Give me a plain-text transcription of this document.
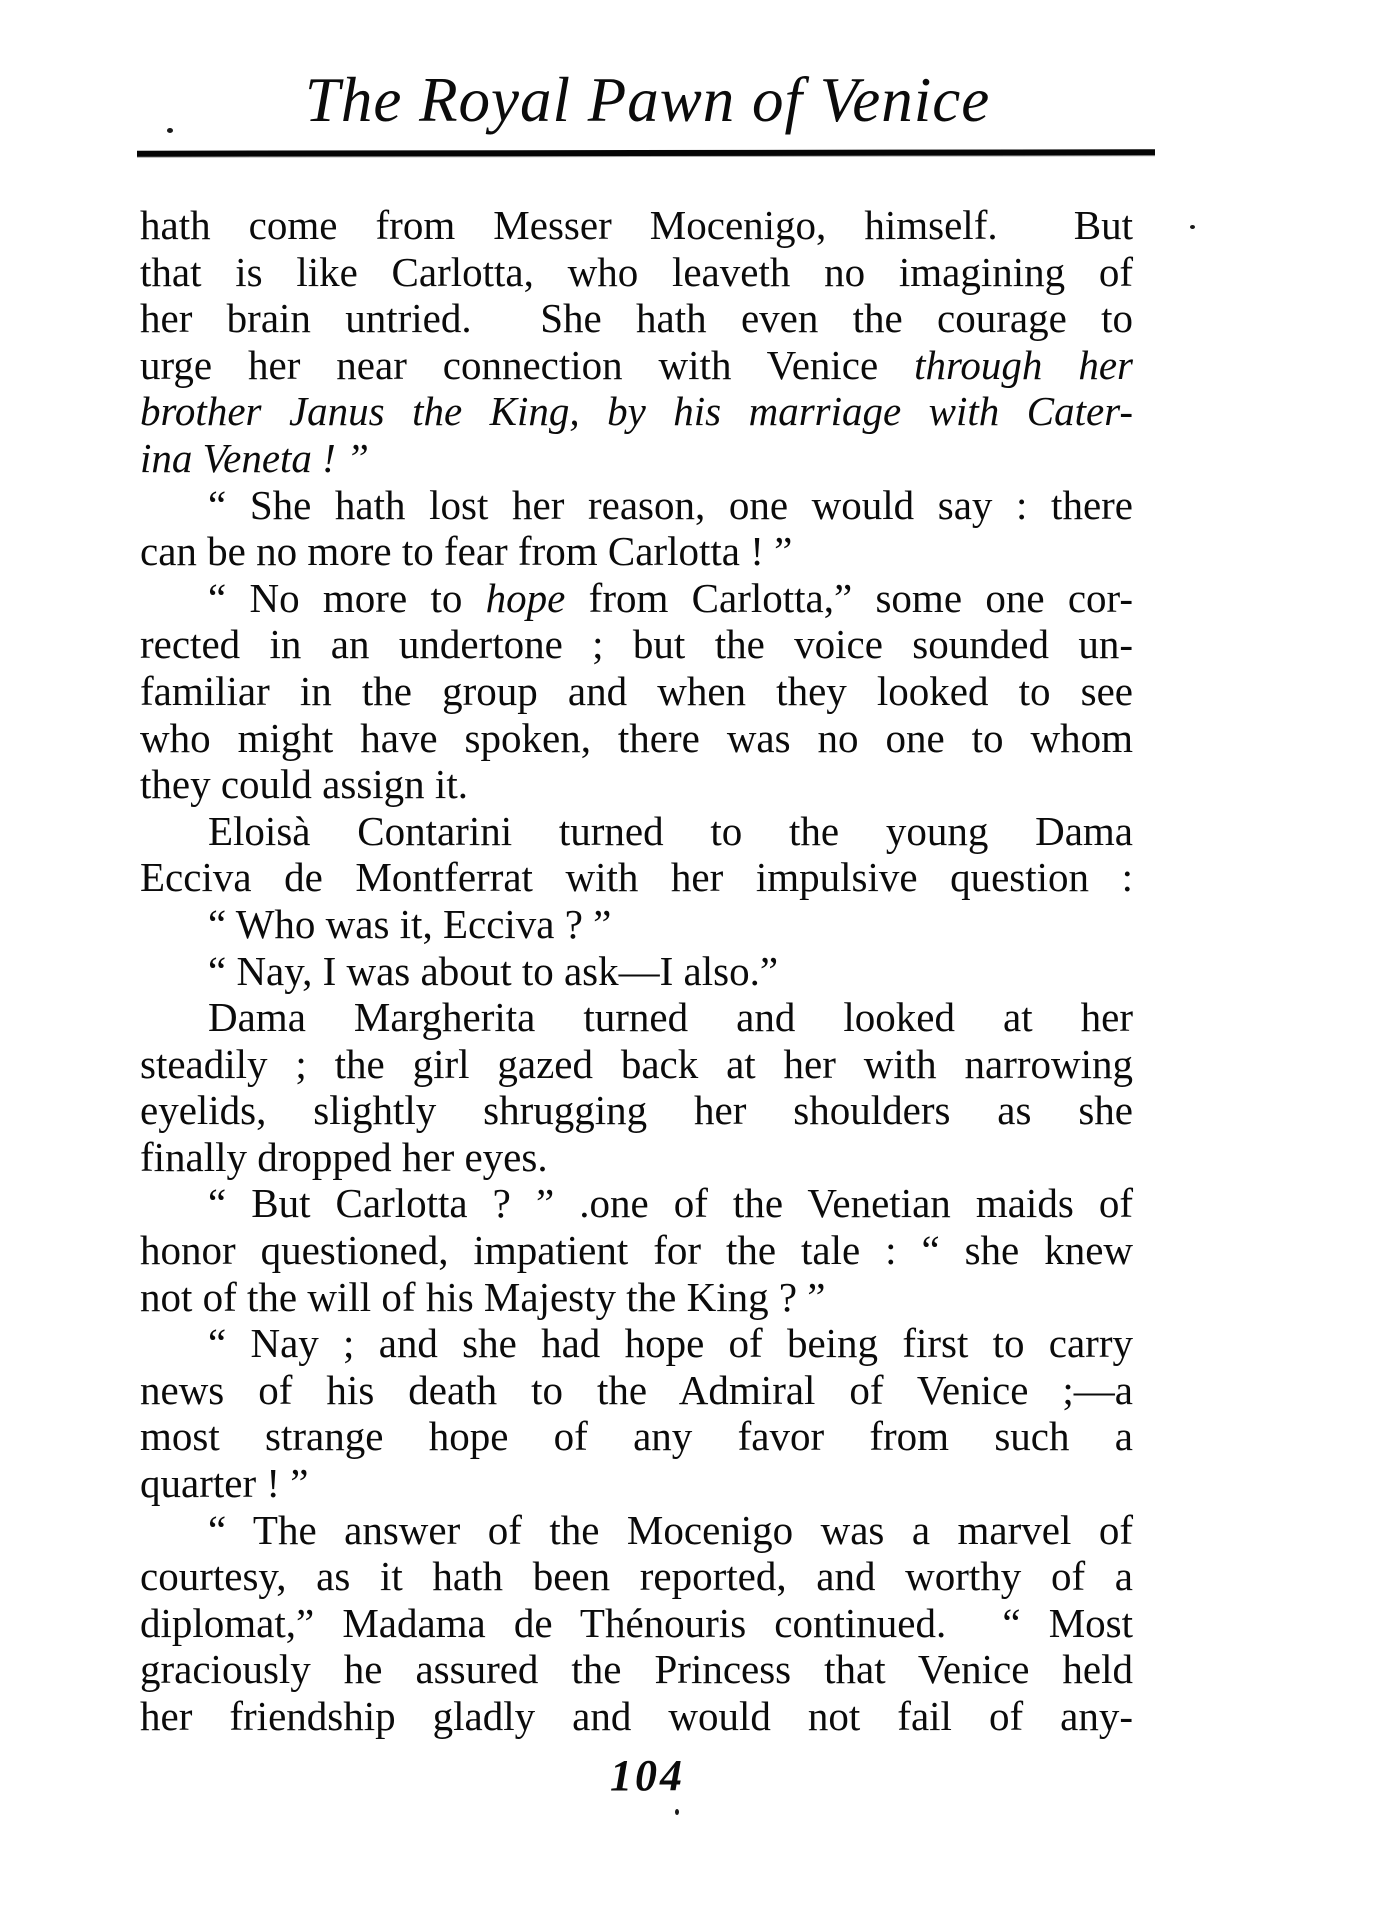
The Royal Pawn of Venice
hath come from Messer Mocenigo, himself.  But
that is like Carlotta, who leaveth no imagining of
her brain untried.  She hath even the courage to
urge her near connection with Venice through her
brother Janus the King, by his marriage with Cater-
ina Veneta ! ”
“ She hath lost her reason, one would say : there
can be no more to fear from Carlotta ! ”
“ No more to hope from Carlotta,” some one cor-
rected in an undertone ; but the voice sounded un-
familiar in the group and when they looked to see
who might have spoken, there was no one to whom
they could assign it.
Eloisà Contarini turned to the young Dama
Ecciva de Montferrat with her impulsive question :
“ Who was it, Ecciva ? ”
“ Nay, I was about to ask—I also.”
Dama Margherita turned and looked at her
steadily ; the girl gazed back at her with narrowing
eyelids, slightly shrugging her shoulders as she
finally dropped her eyes.
“ But Carlotta ? ” .one of the Venetian maids of
honor questioned, impatient for the tale : “ she knew
not of the will of his Majesty the King ? ”
“ Nay ; and she had hope of being first to carry
news of his death to the Admiral of Venice ;—a
most strange hope of any favor from such a
quarter ! ”
“ The answer of the Mocenigo was a marvel of
courtesy, as it hath been reported, and worthy of a
diplomat,” Madama de Thénouris continued.  “ Most
graciously he assured the Princess that Venice held
her friendship gladly and would not fail of any-
104
